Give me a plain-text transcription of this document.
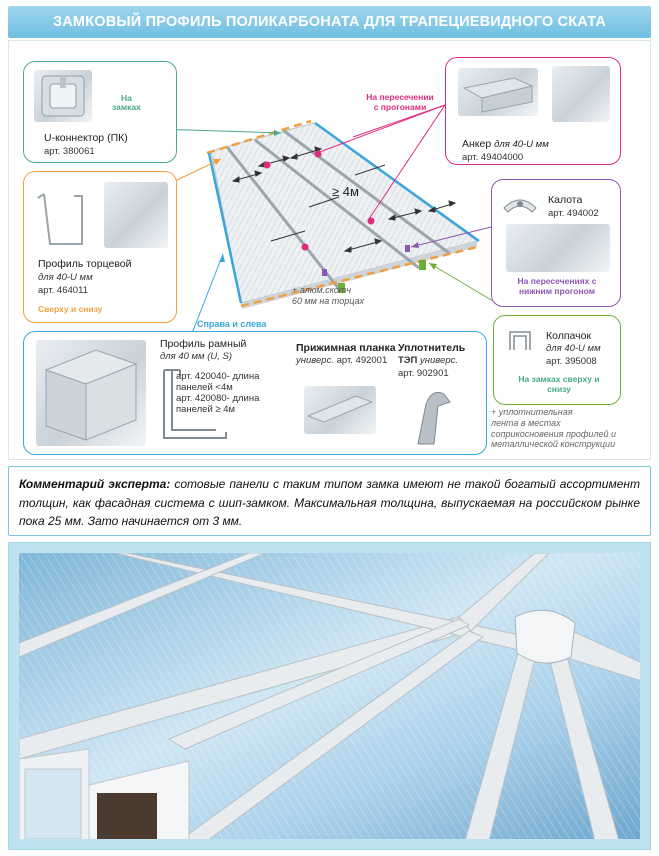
ЗАМКОВЫЙ ПРОФИЛЬ ПОЛИКАРБОНАТА ДЛЯ ТРАПЕЦИЕВИДНОГО СКАТА
На пересечении
с прогонами
≥ 4м
+ алюм.скотч
60 мм на торцах
Справа и слева
На
замках
U-коннектор (ПК)
арт. 380061
Профиль торцевой
для 40-U мм
арт. 464011
Сверху и снизу
Анкер для 40-U мм
арт. 49404000
Калота
арт. 494002
На пересечениях с
нижним прогоном
Колпачок
для 40-U мм
арт. 395008
На замках сверху и
снизу
Профиль рамный
для 40 мм (U, S)
арт. 420040- длина
панелей <4м
арт. 420080- длина
панелей ≥ 4м
Прижимная планка
универс. арт. 492001
Уплотнитель
ТЭП универс.
арт. 902901
+ уплотнительная
лента в местах
соприкосновения профилей и
металлической конструкции
Комментарий эксперта: сотовые панели с таким типом замка имеют не такой богатый ассортимент толщин, как фасадная система с шип-замком. Максимальная толщина, выпускаемая на российском рынке пока 25 мм. Зато начинается от 3 мм.
